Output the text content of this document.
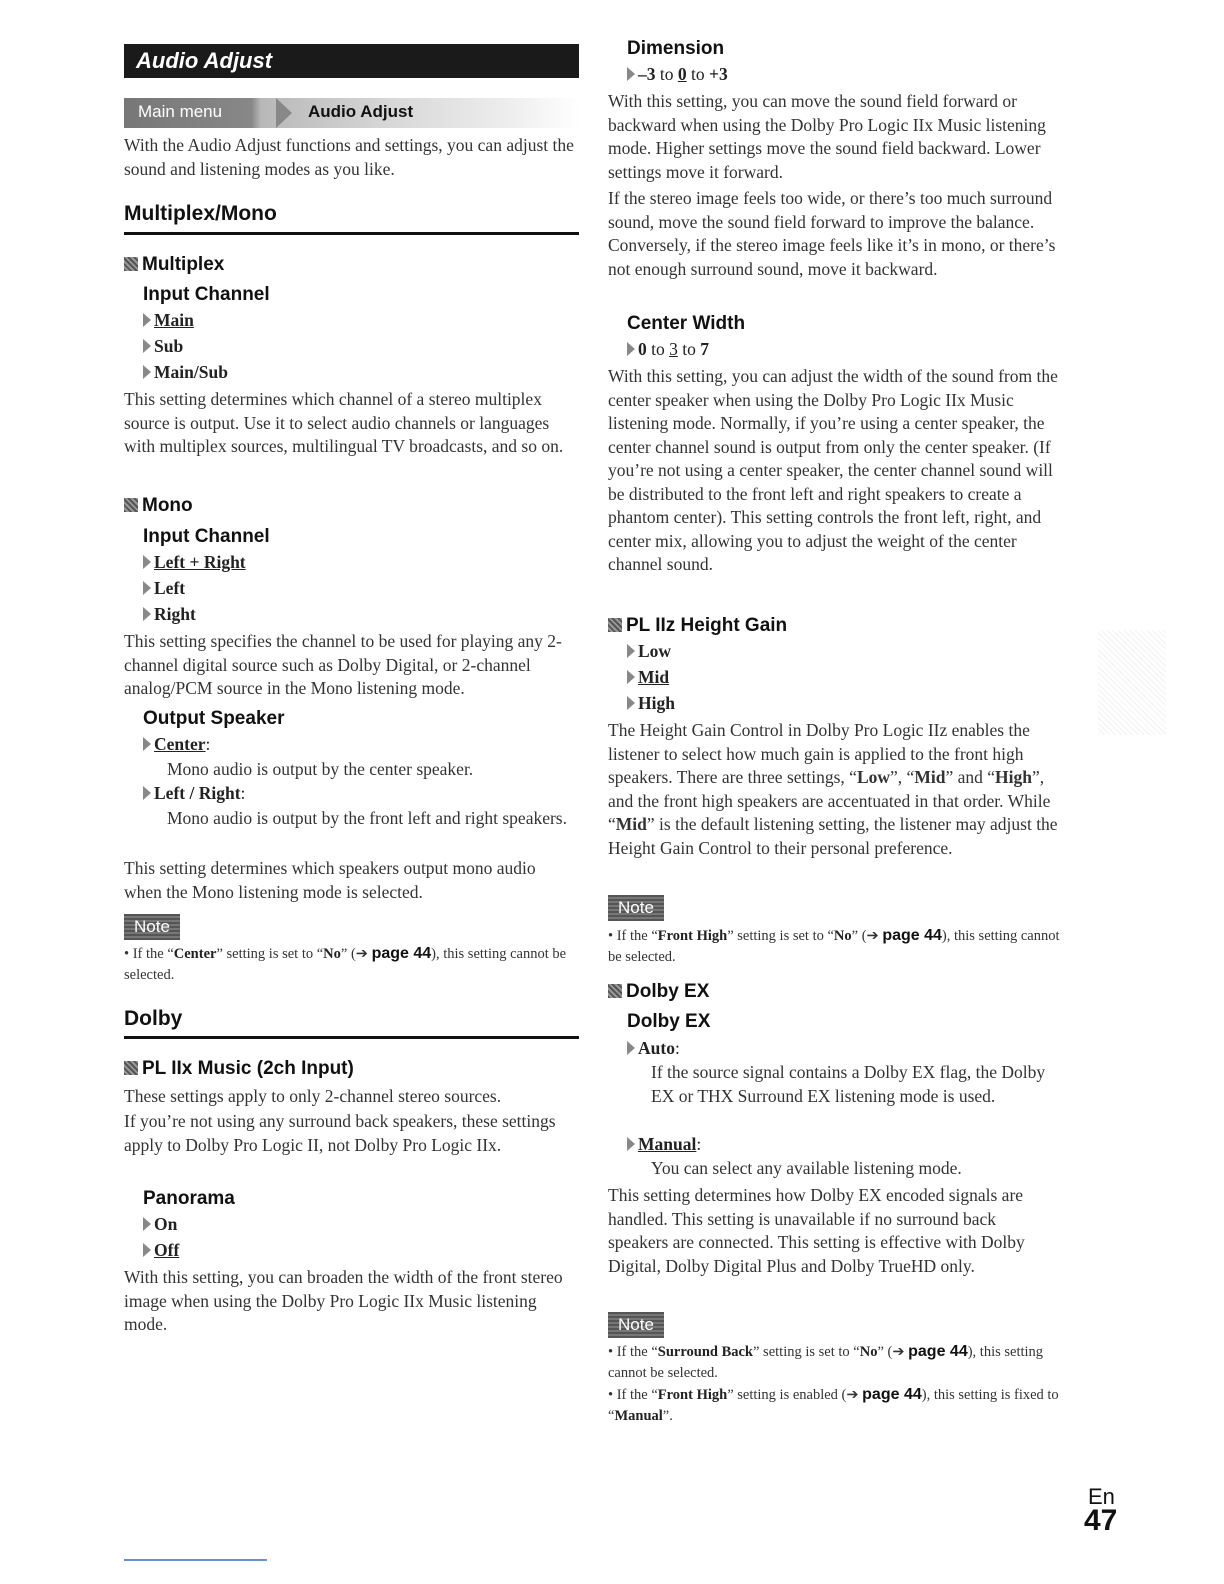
Audio Adjust
Main menu	Audio Adjust

With the Audio Adjust functions and settings, you can adjust the sound and listening modes as you like.

Multiplex/Mono
Multiplex
Input Channel
Main
Sub
Main/Sub

This setting determines which channel of a stereo multiplex source is output. Use it to select audio channels or languages with multiplex sources, multilingual TV broadcasts, and so on.

Mono
Input Channel
Left + Right
Left
Right

This setting specifies the channel to be used for playing any 2-channel digital source such as Dolby Digital, or 2-channel analog/PCM source in the Mono listening mode.

Output Speaker
Center:

Mono audio is output by the center speaker.

Left / Right:

Mono audio is output by the front left and right speakers.

This setting determines which speakers output mono audio when the Mono listening mode is selected.

Note
• If the “Center” setting is set to “No” (➔ page 44), this setting cannot be selected.
Dolby
PL IIx Music (2ch Input)

These settings apply to only 2-channel stereo sources.

If you’re not using any surround back speakers, these settings apply to Dolby Pro Logic II, not Dolby Pro Logic IIx.

Panorama
On
Off

With this setting, you can broaden the width of the front stereo image when using the Dolby Pro Logic IIx Music listening mode.

Dimension
–3 to 0 to +3

With this setting, you can move the sound field forward or backward when using the Dolby Pro Logic IIx Music listening mode. Higher settings move the sound field backward. Lower settings move it forward.

If the stereo image feels too wide, or there’s too much surround sound, move the sound field forward to improve the balance. Conversely, if the stereo image feels like it’s in mono, or there’s not enough surround sound, move it backward.

Center Width
0 to 3 to 7

With this setting, you can adjust the width of the sound from the center speaker when using the Dolby Pro Logic IIx Music listening mode. Normally, if you’re using a center speaker, the center channel sound is output from only the center speaker. (If you’re not using a center speaker, the center channel sound will be distributed to the front left and right speakers to create a phantom center). This setting controls the front left, right, and center mix, allowing you to adjust the weight of the center channel sound.

PL IIz Height Gain
Low
Mid
High

The Height Gain Control in Dolby Pro Logic IIz enables the listener to select how much gain is applied to the front high speakers. There are three settings, “Low”, “Mid” and “High”, and the front high speakers are accentuated in that order. While “Mid” is the default listening setting, the listener may adjust the Height Gain Control to their personal preference.

Note
• If the “Front High” setting is set to “No” (➔ page 44), this setting cannot be selected.
Dolby EX
Dolby EX
Auto:

If the source signal contains a Dolby EX flag, the Dolby EX or THX Surround EX listening mode is used.

Manual:

You can select any available listening mode.

This setting determines how Dolby EX encoded signals are handled. This setting is unavailable if no surround back speakers are connected. This setting is effective with Dolby Digital, Dolby Digital Plus and Dolby TrueHD only.

Note
• If the “Surround Back” setting is set to “No” (➔ page 44), this setting cannot be selected.
• If the “Front High” setting is enabled (➔ page 44), this setting is fixed to “Manual”.
En
47
